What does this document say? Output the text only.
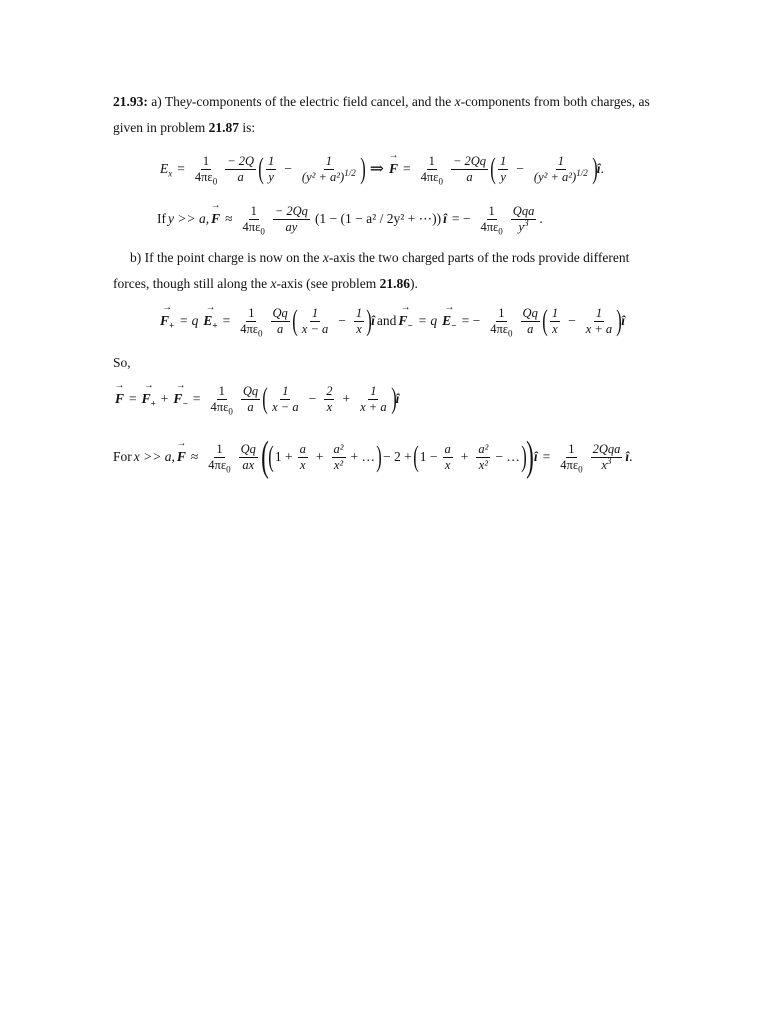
21.93: a) They-components of the electric field cancel, and the x-components from both charges, as given in problem 21.87 is:
$E_x = \frac{1}{4\pi\varepsilon_0} \frac{- 2Q}{a}$ ( $\frac{1}{y} - \frac{1}{(y^2 + a^2)^{1/2}}$ ) ⇒
→ $F = \frac{1}{4\pi\varepsilon_0} \frac{- 2Qq}{a}$ ( $\frac{1}{y} - \frac{1}{(y^2 + a^2)^{1/2}}$ ) î .
If y >> a,
→ $F \approx \frac{1}{4\pi\varepsilon_0} \frac{- 2Qq}{ay} (1 - (1 - a^2 / 2y^2$ + ⋯)) î = − $\frac{1}{4\pi\varepsilon_0} \frac{\text{Qqa}}{y^3}$ .
b) If the point charge is now on the x-axis the two charged parts of the rods provide different forces, though still along the x-axis (see problem 21.86).
→ $F_+ = q$
→ $E_+ = \frac{1}{4\pi\varepsilon_0} \frac{Qq}{a}$ ( $\frac{1}{x - a} - \frac{1}{x}$ ) î and
→ $F_- = q$
→ $E_-$ = − $\frac{1}{4\pi\varepsilon_0} \frac{Qq}{a}$ ( $\frac{1}{x} - \frac{1}{x + a}$ ) î
So,
→ F =
→ $F_+$ +
→ $F_- = \frac{1}{4\pi\varepsilon_0} \frac{Qq}{a}$ ( $\frac{1}{x - a} - \frac{2}{x} + \frac{1}{x + a}$ ) î
For x >> a,
→ $F \approx \frac{1}{4\pi\varepsilon_0} \frac{Qq}{ax}$ ( ( $1 + \frac{a}{x} + \frac{\text{a²}}{\text{x²}}$ + … ) − 2 + ( $1 - \frac{a}{x} + \frac{\text{a²}}{\text{x²}}$ − … ) ) î = $\frac{1}{4\pi\varepsilon_0} \frac{\text{2Qqa}}{x^3}$ î .
